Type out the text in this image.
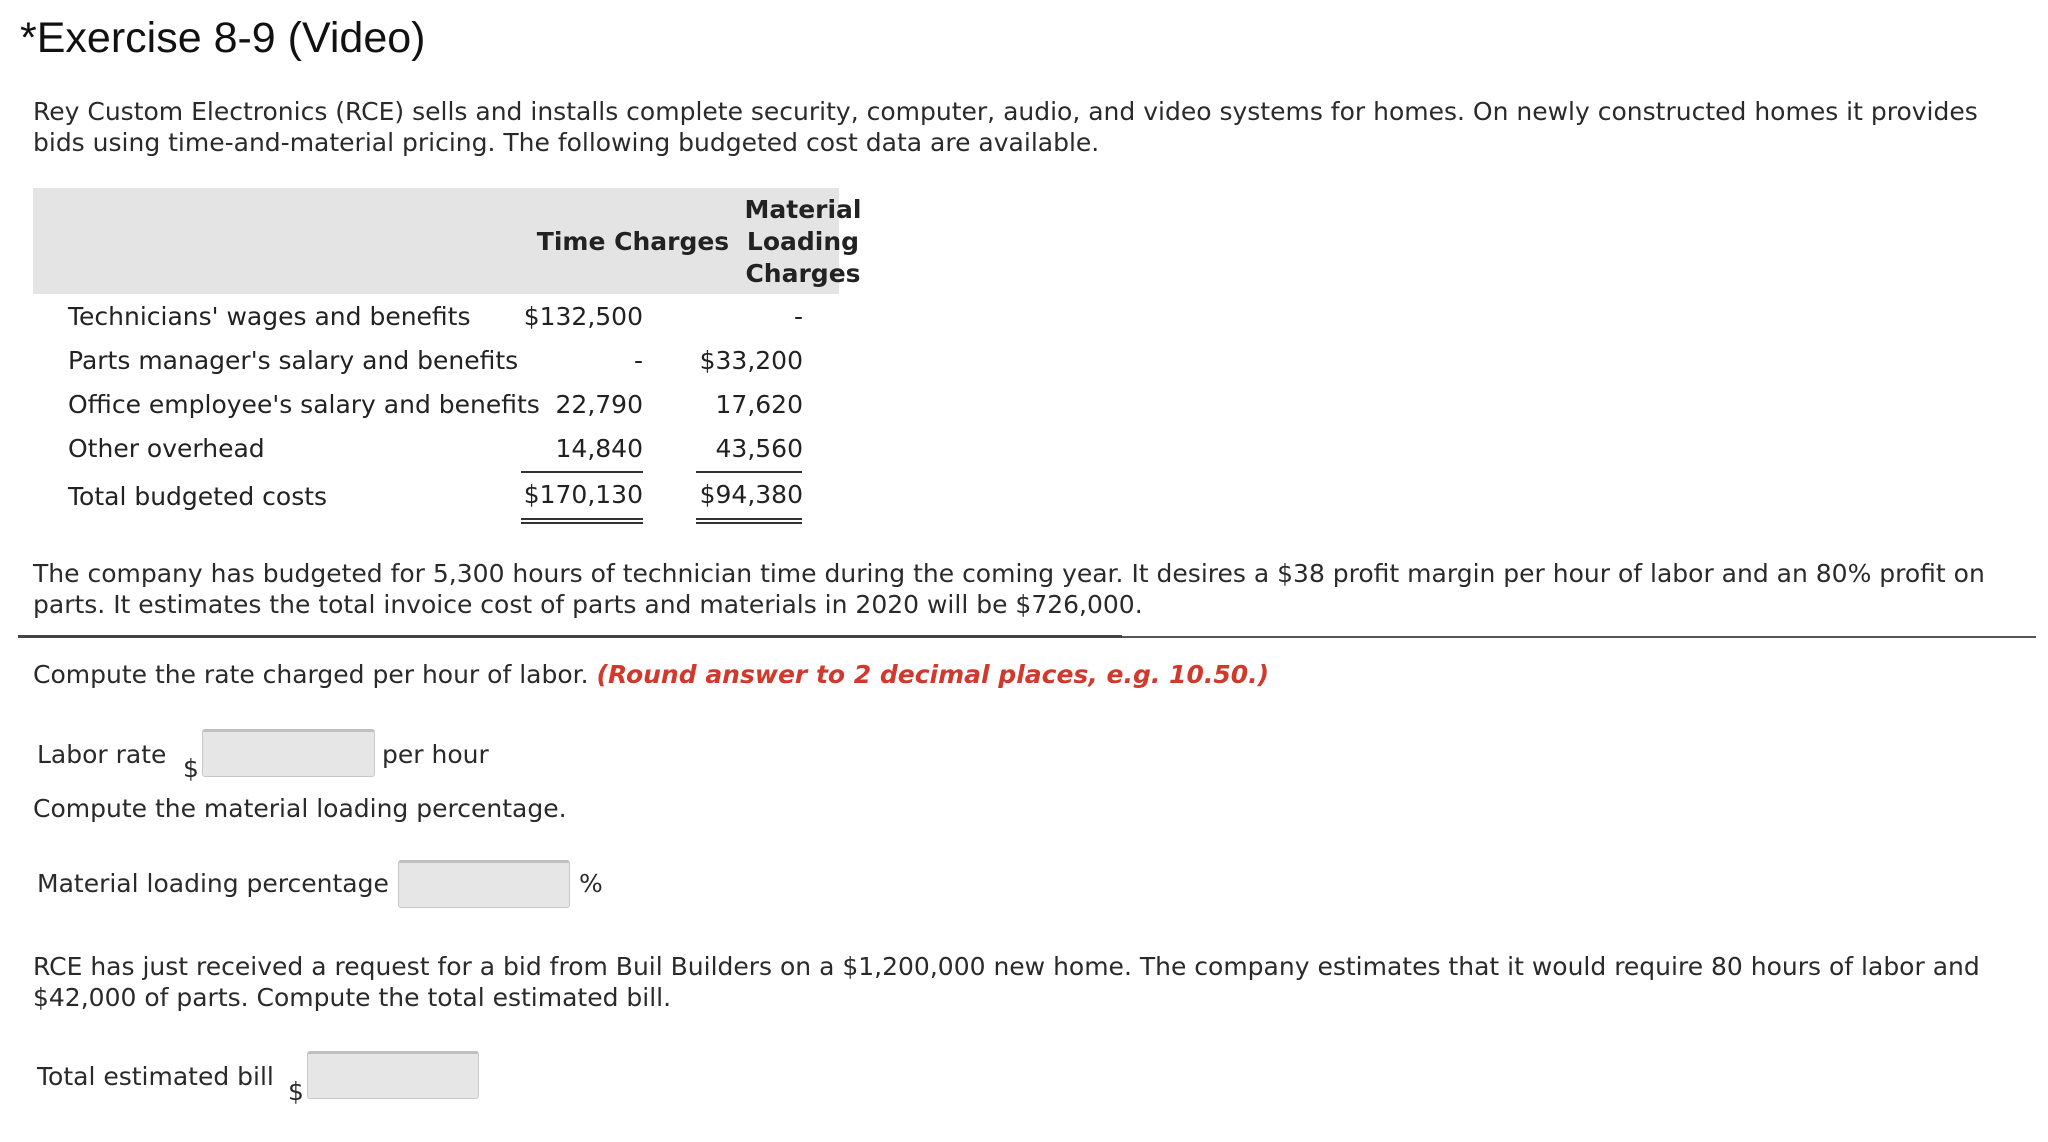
*Exercise 8-9 (Video)
Rey Custom Electronics (RCE) sells and installs complete security, computer, audio, and video systems for homes. On newly constructed homes it provides bids using time-and-material pricing. The following budgeted cost data are available.
Time Charges
Material Loading Charges
Technicians' wages and benefits $132,500	-
Parts manager's salary and benefits	- $33,200
Office employee's salary and benefits 22,790	17,620
Other overhead	14,840	43,560
Total budgeted costs	$170,130 $94,380
The company has budgeted for 5,300 hours of technician time during the coming year. It desires a $38 profit margin per hour of labor and an 80% profit on parts. It estimates the total invoice cost of parts and materials in 2020 will be $726,000.
Compute the rate charged per hour of labor. (Round answer to 2 decimal places, e.g. 10.50.)
Labor rate $	per hour
Compute the material loading percentage.
Material loading percentage	%
RCE has just received a request for a bid from Buil Builders on a $1,200,000 new home. The company estimates that it would require 80 hours of labor and $42,000 of parts. Compute the total estimated bill.
Total estimated bill
$
